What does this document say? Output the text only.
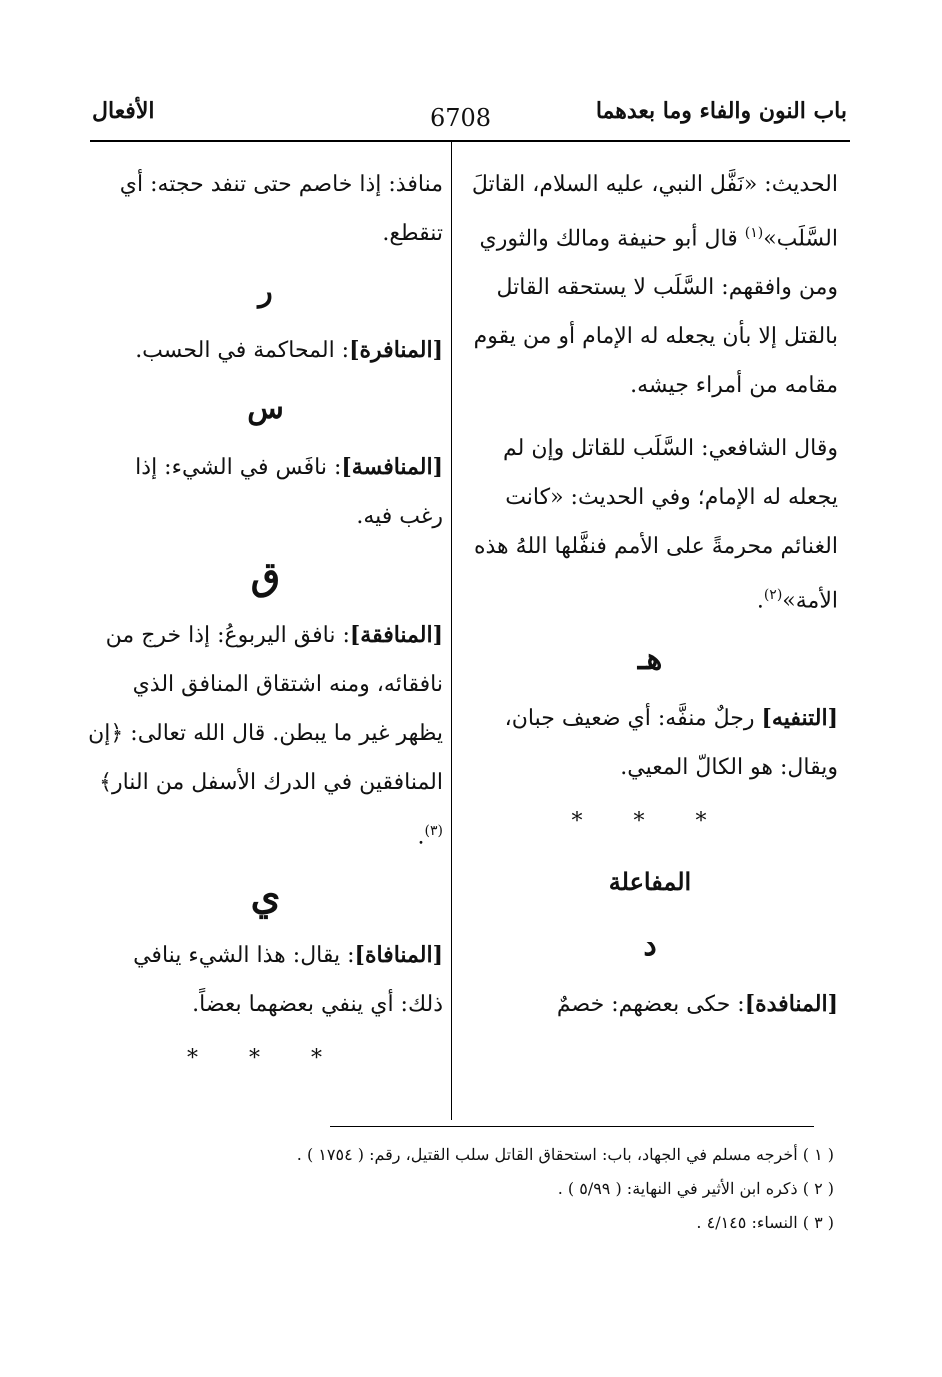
باب النون والفاء وما بعدهما
6708
الأفعال

الحديث: «نَفَّل النبي، عليه السلام، القاتلَ السَّلَب»$^{(١)}$ قال أبو حنيفة ومالك والثوري ومن وافقهم: السَّلَب لا يستحقه القاتل بالقتل إلا بأن يجعله له الإمام أو من يقوم مقامه من أمراء جيشه.

وقال الشافعي: السَّلَب للقاتل وإن لم يجعله له الإمام؛ وفي الحديث: «كانت الغنائم محرمةً على الأمم فنفَّلها اللهُ هذه الأمة»$^{(٢)}$.

هـ

[التنفيه] رجلٌ منفَّه: أي ضعيف جبان، ويقال: هو الكالّ المعيي.

* * *
المفاعلة
د

[المنافدة]: حكى بعضهم: خصمٌ

منافذ: إذا خاصم حتى تنفد حجته: أي تنقطع.

ر

[المنافرة]: المحاكمة في الحسب.

س

[المنافسة]: نافَس في الشيء: إذا رغب فيه.

ق

[المنافقة]: نافق اليربوعُ: إذا خرج من نافقائه، ومنه اشتقاق المنافق الذي يظهر غير ما يبطن. قال الله تعالى: ﴿إن المنافقين في الدرك الأسفل من النار﴾$^{(٣)}$.

ي

[المنافاة]: يقال: هذا الشيء ينافي ذلك: أي ينفي بعضهما بعضاً.

* * *
( ١ ) أخرجه مسلم في الجهاد، باب: استحقاق القاتل سلب القتيل، رقم: ( ١٧٥٤ ) .
( ٢ ) ذكره ابن الأثير في النهاية: ( ٥/٩٩ ) .
( ٣ ) النساء: ٤/١٤٥ .
